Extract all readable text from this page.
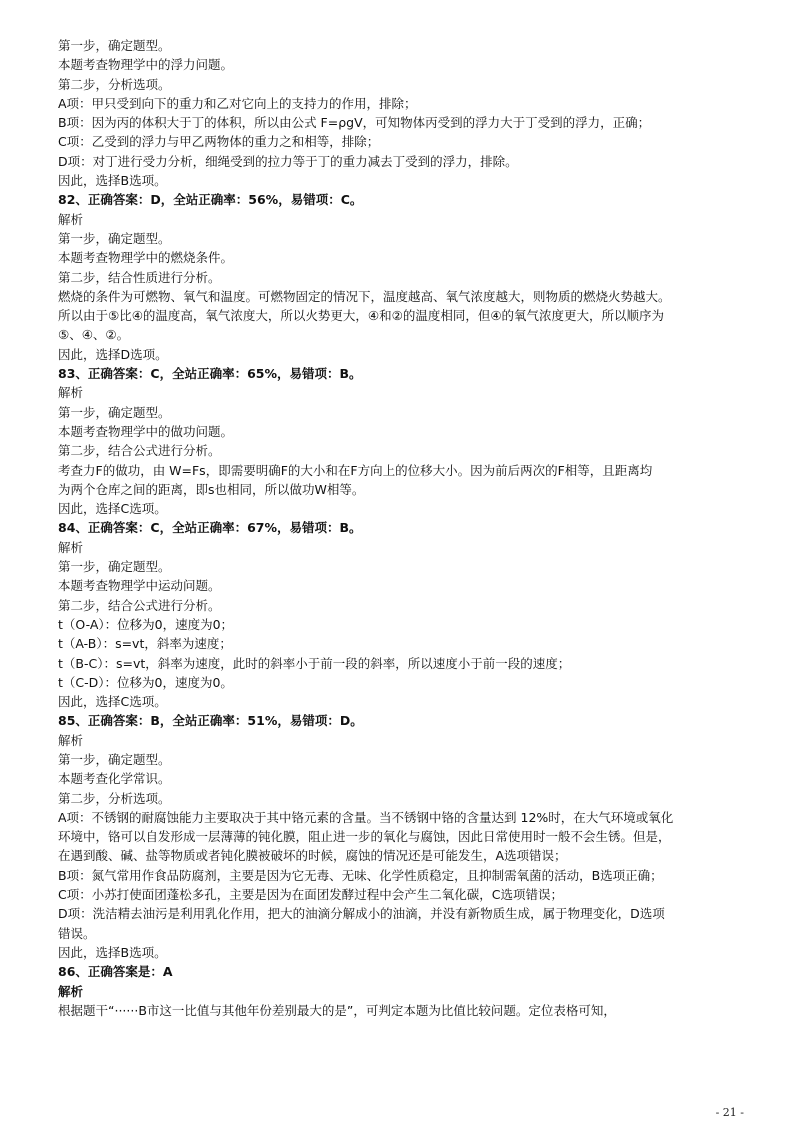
第一步，确定题型。
本题考查物理学中的浮力问题。
第二步，分析选项。
A项：甲只受到向下的重力和乙对它向上的支持力的作用，排除；
B项：因为丙的体积大于丁的体积，所以由公式 F=ρgV，可知物体丙受到的浮力大于丁受到的浮力，正确；
C项：乙受到的浮力与甲乙两物体的重力之和相等，排除；
D项：对丁进行受力分析，细绳受到的拉力等于丁的重力减去丁受到的浮力，排除。
因此，选择B选项。
82、正确答案：D，全站正确率：56%，易错项：C。
解析
第一步，确定题型。
本题考查物理学中的燃烧条件。
第二步，结合性质进行分析。
燃烧的条件为可燃物、氧气和温度。可燃物固定的情况下，温度越高、氧气浓度越大，则物质的燃烧火势越大。
所以由于⑤比④的温度高，氧气浓度大，所以火势更大，④和②的温度相同，但④的氧气浓度更大，所以顺序为
⑤、④、②。
因此，选择D选项。
83、正确答案：C，全站正确率：65%，易错项：B。
解析
第一步，确定题型。
本题考查物理学中的做功问题。
第二步，结合公式进行分析。
考查力F的做功，由 W=Fs，即需要明确F的大小和在F方向上的位移大小。因为前后两次的F相等，且距离均
为两个仓库之间的距离，即s也相同，所以做功W相等。
因此，选择C选项。
84、正确答案：C，全站正确率：67%，易错项：B。
解析
第一步，确定题型。
本题考查物理学中运动问题。
第二步，结合公式进行分析。
t（O-A）：位移为0，速度为0；
t（A-B）：s=vt，斜率为速度；
t（B-C）：s=vt，斜率为速度，此时的斜率小于前一段的斜率，所以速度小于前一段的速度；
t（C-D）：位移为0，速度为0。
因此，选择C选项。
85、正确答案：B，全站正确率：51%，易错项：D。
解析
第一步，确定题型。
本题考查化学常识。
第二步，分析选项。
A项：不锈钢的耐腐蚀能力主要取决于其中铬元素的含量。当不锈钢中铬的含量达到 12%时，在大气环境或氧化
环境中，铬可以自发形成一层薄薄的钝化膜，阻止进一步的氧化与腐蚀，因此日常使用时一般不会生锈。但是，
在遇到酸、碱、盐等物质或者钝化膜被破坏的时候，腐蚀的情况还是可能发生，A选项错误；
B项：氮气常用作食品防腐剂，主要是因为它无毒、无味、化学性质稳定，且抑制需氧菌的活动，B选项正确；
C项：小苏打使面团蓬松多孔，主要是因为在面团发酵过程中会产生二氧化碳，C选项错误；
D项：洗洁精去油污是利用乳化作用，把大的油滴分解成小的油滴，并没有新物质生成，属于物理变化，D选项
错误。
因此，选择B选项。
86、正确答案是：A
解析
根据题干“······B市这一比值与其他年份差别最大的是”，可判定本题为比值比较问题。定位表格可知，
- 21 -
